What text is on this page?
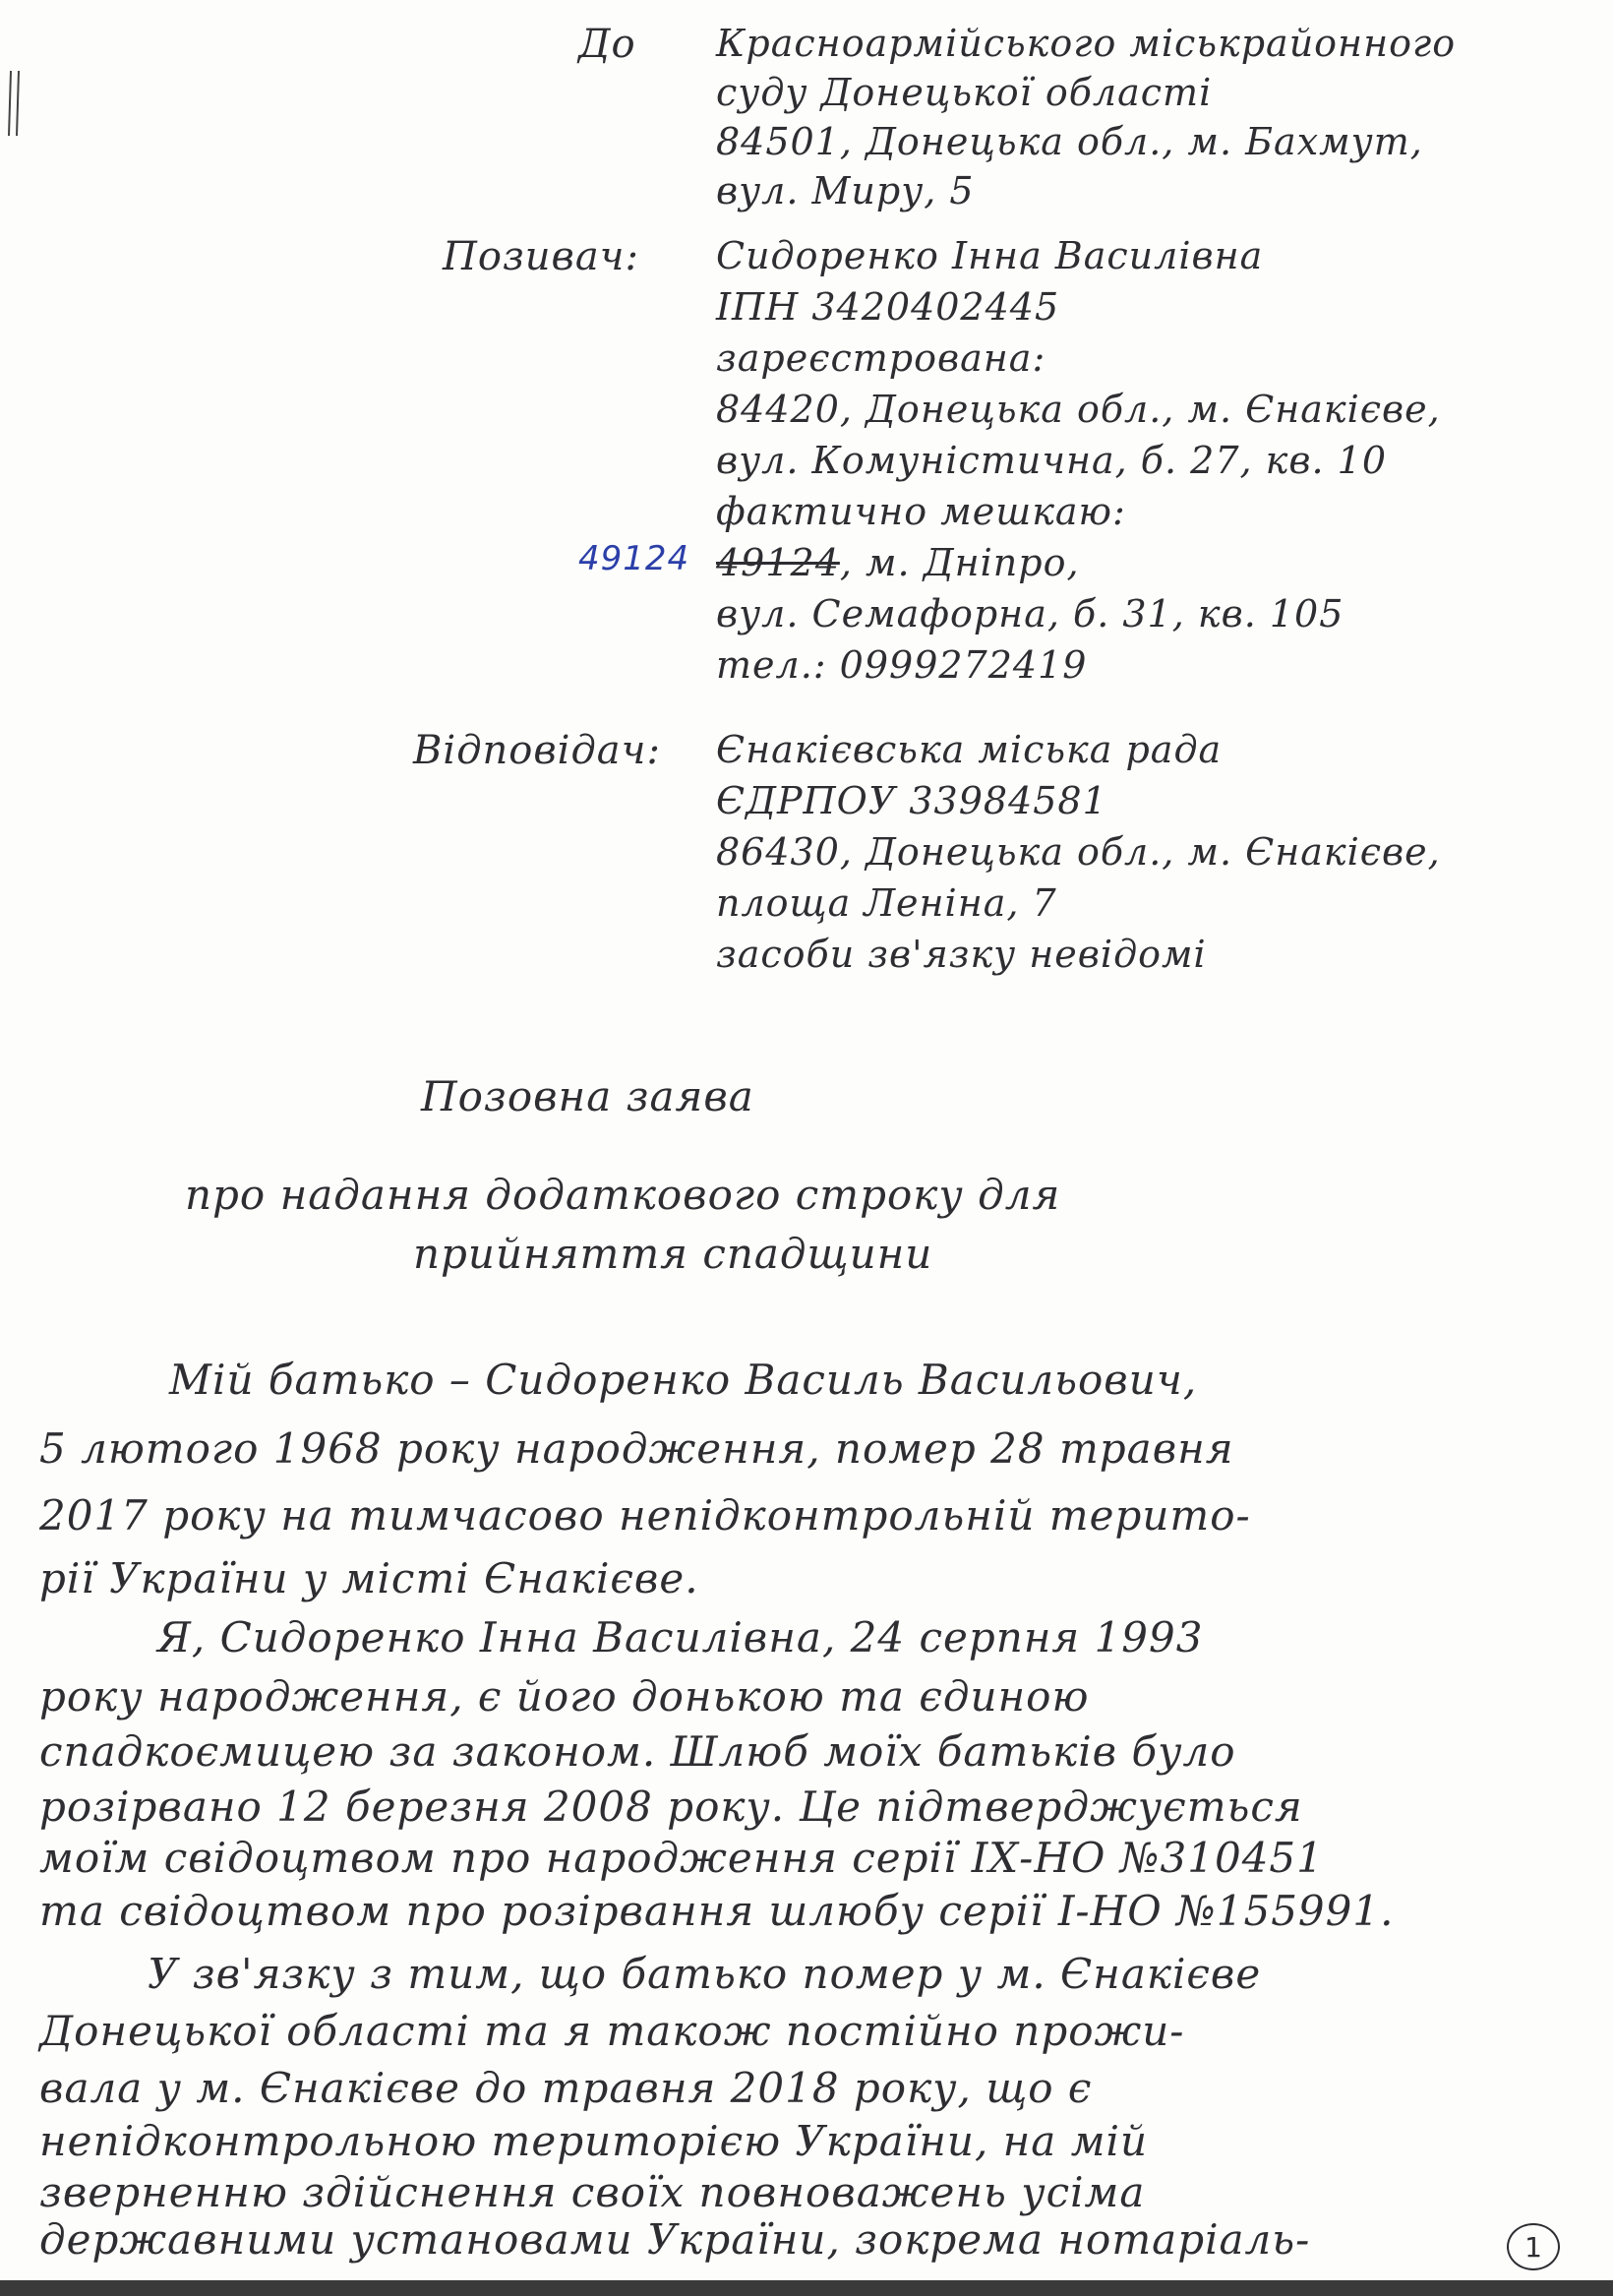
До Красноармійського міськрайонного
суду Донецької області
84501, Донецька обл., м. Бахмут,
вул. Миру, 5
Позивач: Сидоренко Інна Василівна
ІПН 3420402445
зареєстрована:
84420, Донецька обл., м. Єнакієве,
вул. Комуністична, б. 27, кв. 10
фактично мешкаю:
49124 49124, м. Дніпро,
вул. Семафорна, б. 31, кв. 105
тел.: 0999272419
Відповідач: Єнакієвська міська рада
ЄДРПОУ 33984581
86430, Донецька обл., м. Єнакієве,
площа Леніна, 7
засоби зв'язку невідомі
Позовна заява
про надання додаткового строку для
прийняття спадщини
Мій батько – Сидоренко Василь Васильович,
5 лютого 1968 року народження, помер 28 травня
2017 року на тимчасово непідконтрольній терито-
рії України у місті Єнакієве.
Я, Сидоренко Інна Василівна, 24 серпня 1993
року народження, є його донькою та єдиною
спадкоємицею за законом. Шлюб моїх батьків було
розірвано 12 березня 2008 року. Це підтверджується
моїм свідоцтвом про народження серії ІХ-НО №310451
та свідоцтвом про розірвання шлюбу серії І-НО №155991.
У зв'язку з тим, що батько помер у м. Єнакієве
Донецької області та я також постійно прожи-
вала у м. Єнакієве до травня 2018 року, що є
непідконтрольною територією України, на мій
зверненню здійснення своїх повноважень усіма
державними установами України, зокрема нотаріаль-	1
